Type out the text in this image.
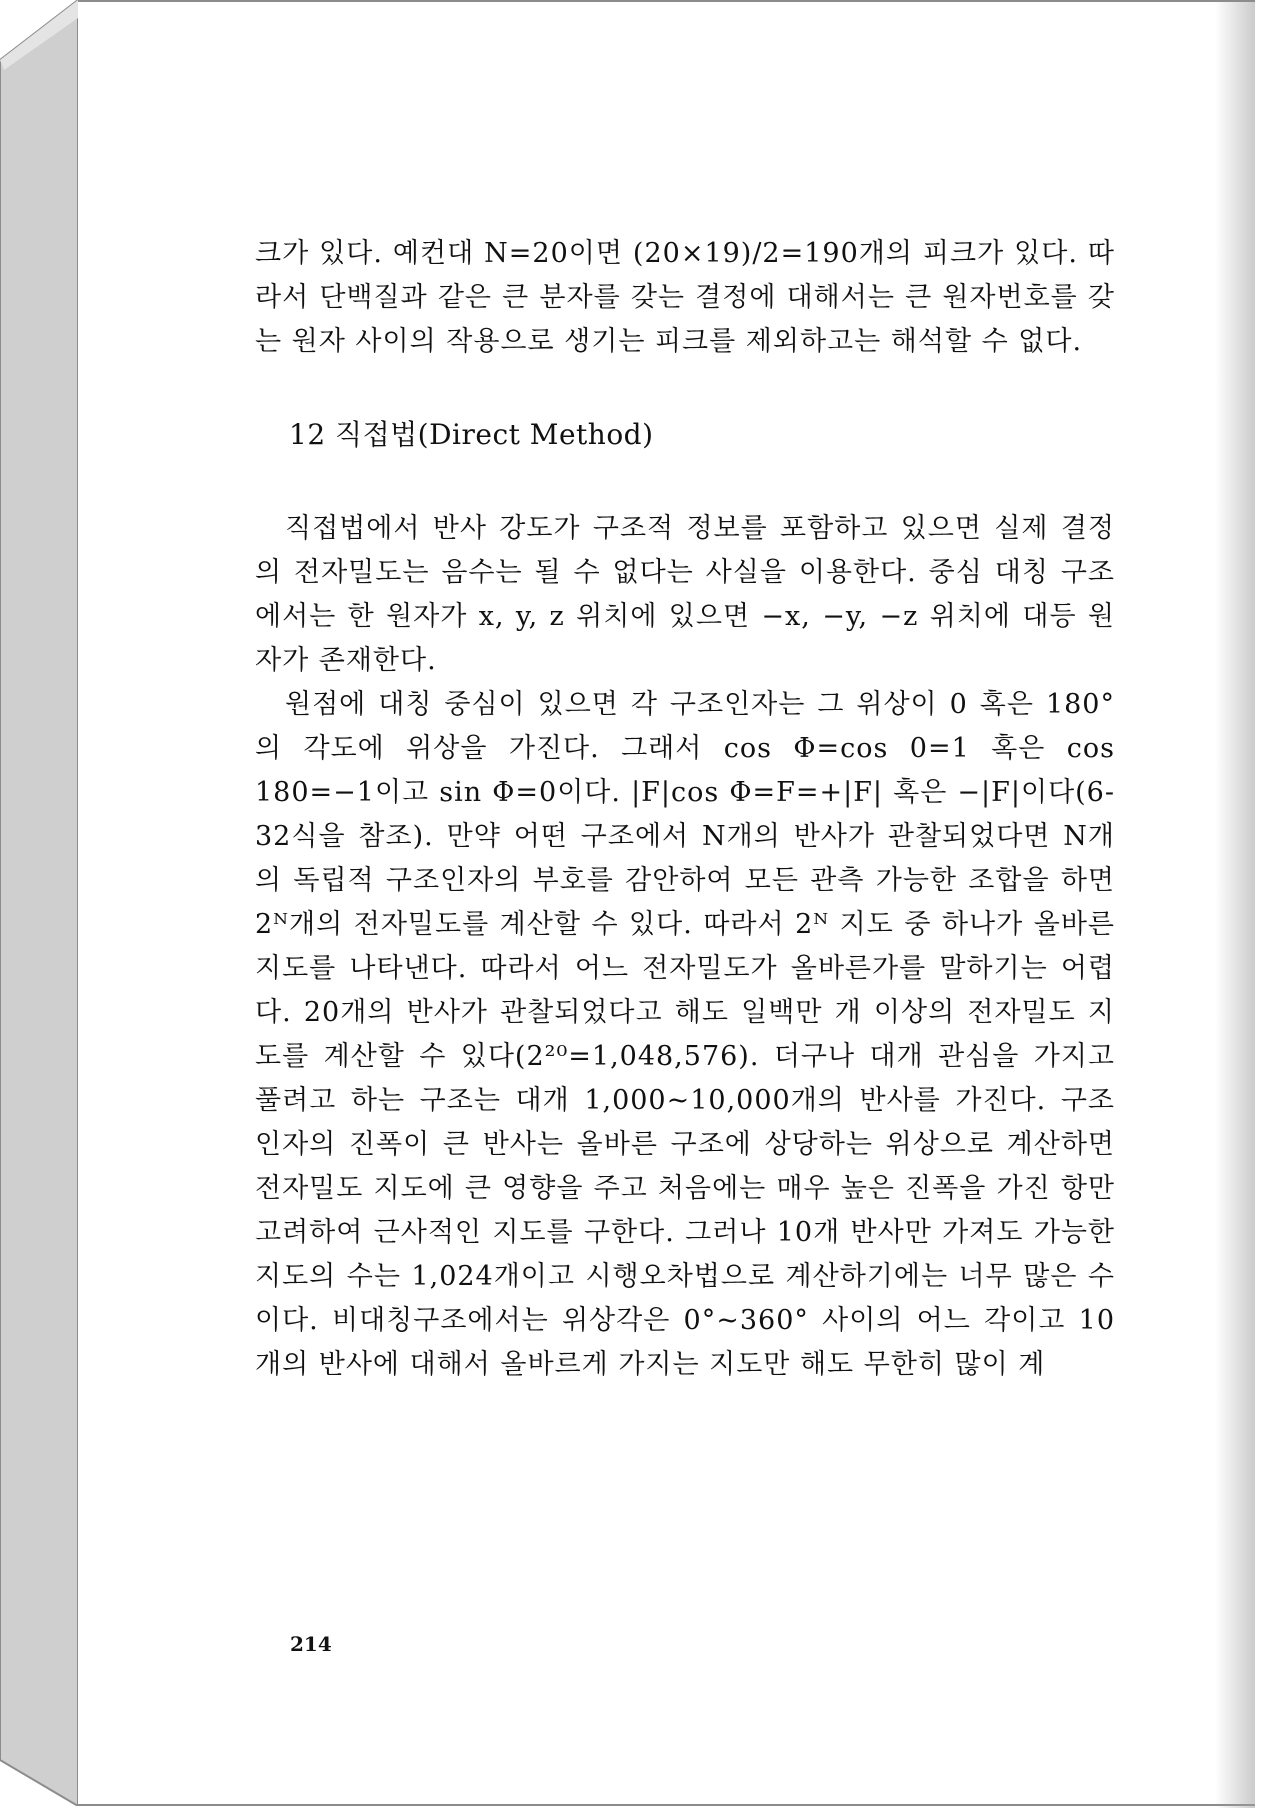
크가 있다. 예컨대 N=20이면 (20×19)/2=190개의 피크가 있다. 따라서 단백질과 같은 큰 분자를 갖는 결정에 대해서는 큰 원자번호를 갖는 원자 사이의 작용으로 생기는 피크를 제외하고는 해석할 수 없다.

12 직접법(Direct Method)

직접법에서 반사 강도가 구조적 정보를 포함하고 있으면 실제 결정의 전자밀도는 음수는 될 수 없다는 사실을 이용한다. 중심 대칭 구조에서는 한 원자가 x, y, z 위치에 있으면 −x, −y, −z 위치에 대등 원자가 존재한다.

원점에 대칭 중심이 있으면 각 구조인자는 그 위상이 0 혹은 180°의 각도에 위상을 가진다. 그래서 cos Φ=cos 0=1 혹은 cos 180=−1이고 sin Φ=0이다. |F|cos Φ=F=+|F| 혹은 −|F|이다(6-32식을 참조). 만약 어떤 구조에서 N개의 반사가 관찰되었다면 N개의 독립적 구조인자의 부호를 감안하여 모든 관측 가능한 조합을 하면 2ᴺ개의 전자밀도를 계산할 수 있다. 따라서 2ᴺ 지도 중 하나가 올바른 지도를 나타낸다. 따라서 어느 전자밀도가 올바른가를 말하기는 어렵다. 20개의 반사가 관찰되었다고 해도 일백만 개 이상의 전자밀도 지도를 계산할 수 있다(2²⁰=1,048,576). 더구나 대개 관심을 가지고 풀려고 하는 구조는 대개 1,000~10,000개의 반사를 가진다. 구조 인자의 진폭이 큰 반사는 올바른 구조에 상당하는 위상으로 계산하면 전자밀도 지도에 큰 영향을 주고 처음에는 매우 높은 진폭을 가진 항만 고려하여 근사적인 지도를 구한다. 그러나 10개 반사만 가져도 가능한 지도의 수는 1,024개이고 시행오차법으로 계산하기에는 너무 많은 수이다. 비대칭구조에서는 위상각은 0°~360° 사이의 어느 각이고 10개의 반사에 대해서 올바르게 가지는 지도만 해도 무한히 많이 계

214
